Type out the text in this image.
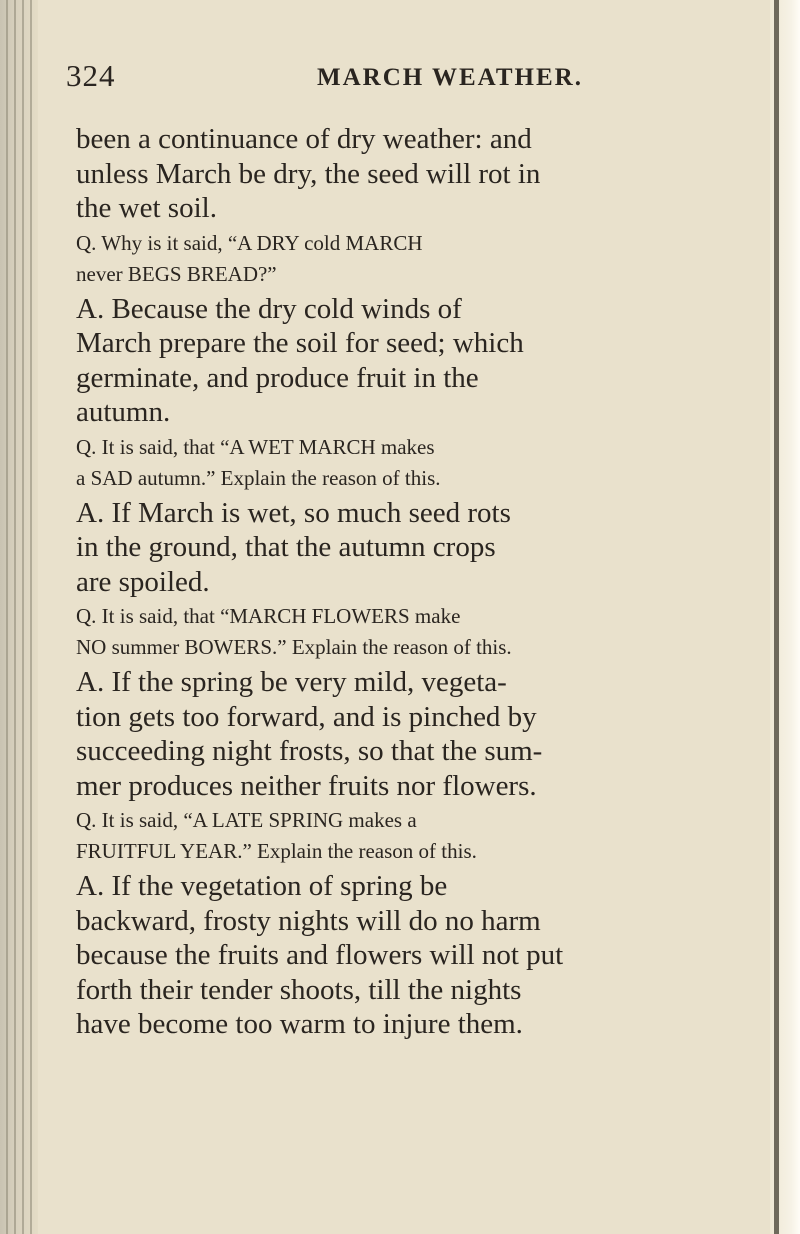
324	MARCH WEATHER.

been a continuance of dry weather: and

unless March be dry, the seed will rot in

the wet soil.

Q. Why is it said, “A DRY cold MARCH

never BEGS BREAD?”

A. Because the dry cold winds of

March prepare the soil for seed; which

germinate, and produce fruit in the

autumn.

Q. It is said, that “A WET MARCH makes

a SAD autumn.” Explain the reason of this.

A. If March is wet, so much seed rots

in the ground, that the autumn crops

are spoiled.

Q. It is said, that “MARCH FLOWERS make

NO summer BOWERS.” Explain the reason of this.

A. If the spring be very mild, vegeta-

tion gets too forward, and is pinched by

succeeding night frosts, so that the sum-

mer produces neither fruits nor flowers.

Q. It is said, “A LATE SPRING makes a

FRUITFUL YEAR.” Explain the reason of this.

A. If the vegetation of spring be

backward, frosty nights will do no harm

because the fruits and flowers will not put

forth their tender shoots, till the nights

have become too warm to injure them.
